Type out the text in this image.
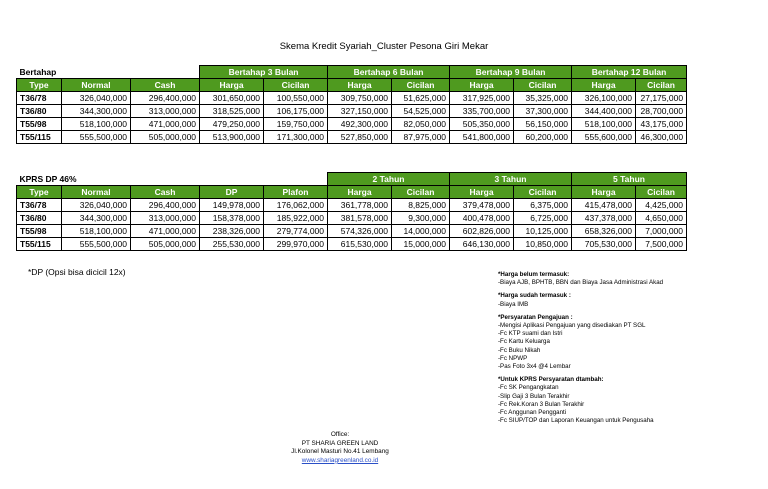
Skema Kredit Syariah_Cluster Pesona Giri Mekar
Bertahap			Bertahap 3 Bulan		Bertahap 6 Bulan		Bertahap 9 Bulan		Bertahap 12 Bulan	
Type	Normal	Cash	Harga	Cicilan	Harga	Cicilan	Harga	Cicilan	Harga	Cicilan
T36/78	326,040,000	296,400,000	301,650,000	100,550,000	309,750,000	51,625,000	317,925,000	35,325,000	326,100,000	27,175,000
T36/80	344,300,000	313,000,000	318,525,000	106,175,000	327,150,000	54,525,000	335,700,000	37,300,000	344,400,000	28,700,000
T55/98	518,100,000	471,000,000	479,250,000	159,750,000	492,300,000	82,050,000	505,350,000	56,150,000	518,100,000	43,175,000
T55/115	555,500,000	505,000,000	513,900,000	171,300,000	527,850,000	87,975,000	541,800,000	60,200,000	555,600,000	46,300,000
KPRS DP 46%					2 Tahun		3 Tahun		5 Tahun	
Type	Normal	Cash	DP	Plafon	Harga	Cicilan	Harga	Cicilan	Harga	Cicilan
T36/78	326,040,000	296,400,000	149,978,000	176,062,000	361,778,000	8,825,000	379,478,000	6,375,000	415,478,000	4,425,000
T36/80	344,300,000	313,000,000	158,378,000	185,922,000	381,578,000	9,300,000	400,478,000	6,725,000	437,378,000	4,650,000
T55/98	518,100,000	471,000,000	238,326,000	279,774,000	574,326,000	14,000,000	602,826,000	10,125,000	658,326,000	7,000,000
T55/115	555,500,000	505,000,000	255,530,000	299,970,000	615,530,000	15,000,000	646,130,000	10,850,000	705,530,000	7,500,000
*DP (Opsi bisa dicicil 12x)	*Harga belum termasuk:
-Biaya AJB, BPHTB, BBN dan Biaya Jasa Administrasi Akad
*Harga sudah termasuk :
-Biaya IMB
*Persyaratan Pengajuan :
-Mengisi Aplikasi Pengajuan yang disediakan PT SGL
-Fc KTP suami dan Istri
-Fc Kartu Keluarga
-Fc Buku Nikah
-Fc NPWP
-Pas Foto 3x4 @4 Lembar
*Untuk KPRS Persyaratan dtambah:
-Fc SK Pengangkatan
-Slip Gaji 3 Bulan Terakhir
-Fc Rek.Koran 3 Bulan Terakhir
-Fc Anggunan Pengganti
-Fc SIUP/TOP dan Laporan Keuangan untuk Pengusaha
Office:
PT SHARIA GREEN LAND
Jl.Kolonel Masturi No.41 Lembang
www.shariagreenland.co.id
